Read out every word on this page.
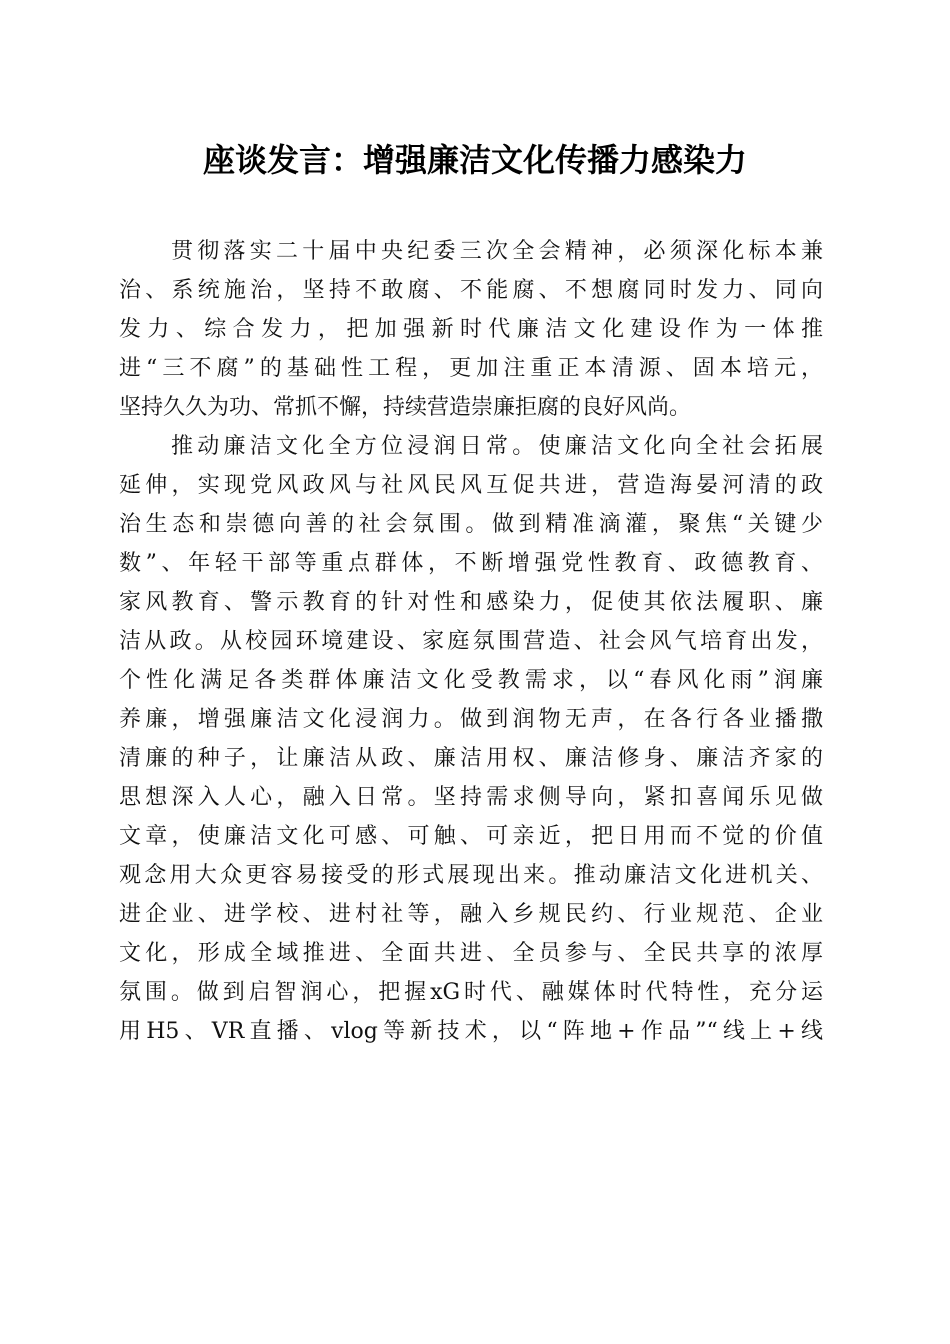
座谈发言：增强廉洁文化传播力感染力
贯彻落实二十届中央纪委三次全会精神，必须深化标本兼
治、系统施治，坚持不敢腐、不能腐、不想腐同时发力、同向
发力、综合发力，把加强新时代廉洁文化建设作为一体推
进“三不腐”的基础性工程，更加注重正本清源、固本培元，
坚持久久为功、常抓不懈，持续营造崇廉拒腐的良好风尚。
推动廉洁文化全方位浸润日常。使廉洁文化向全社会拓展
延伸，实现党风政风与社风民风互促共进，营造海晏河清的政
治生态和崇德向善的社会氛围。做到精准滴灌，聚焦“关键少
数”、年轻干部等重点群体，不断增强党性教育、政德教育、
家风教育、警示教育的针对性和感染力，促使其依法履职、廉
洁从政。从校园环境建设、家庭氛围营造、社会风气培育出发，
个性化满足各类群体廉洁文化受教需求，以“春风化雨”润廉
养廉，增强廉洁文化浸润力。做到润物无声，在各行各业播撒
清廉的种子，让廉洁从政、廉洁用权、廉洁修身、廉洁齐家的
思想深入人心，融入日常。坚持需求侧导向，紧扣喜闻乐见做
文章，使廉洁文化可感、可触、可亲近，把日用而不觉的价值
观念用大众更容易接受的形式展现出来。推动廉洁文化进机关、
进企业、进学校、进村社等，融入乡规民约、行业规范、企业
文化，形成全域推进、全面共进、全员参与、全民共享的浓厚
氛围。做到启智润心，把握xG时代、融媒体时代特性，充分运
用H5、VR直播、vlog等新技术，以“阵地+作品”“线上+线
